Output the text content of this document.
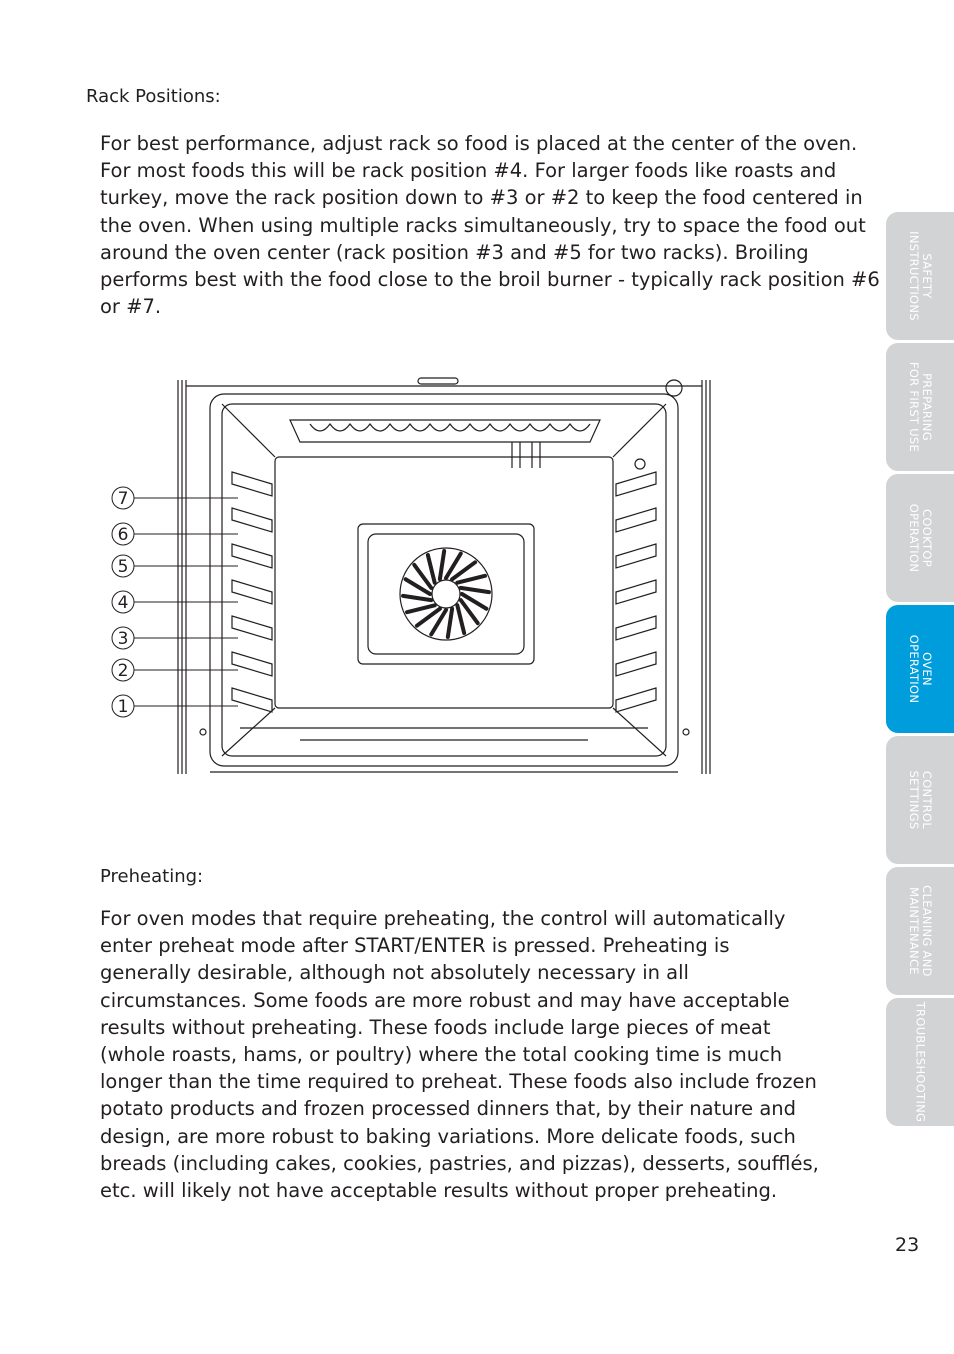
Rack Positions:

For best performance, adjust rack so food is placed at the center of the oven. For most foods this will be rack position #4. For larger foods like roasts and turkey, move the rack position down to #3 or #2 to keep the food centered in the oven. When using multiple racks simultaneously, try to space the food out around the oven center (rack position #3 and #5 for two racks). Broiling performs best with the food close to the broil burner - typically rack position #6 or #7.

7
6
5
4
3
2
1
SAFETY
INSTRUCTIONS
PREPARING
FOR FIRST USE
COOKTOP
OPERATION
OVEN
OPERATION
CONTROL
SETTINGS
CLEANING AND
MAINTENANCE
TROUBLESHOOTING
Preheating:

For oven modes that require preheating, the control will automatically enter preheat mode after START/ENTER is pressed. Preheating is generally desirable, although not absolutely necessary in all circumstances. Some foods are more robust and may have acceptable results without preheating. These foods include large pieces of meat (whole roasts, hams, or poultry) where the total cooking time is much longer than the time required to preheat. These foods also include frozen potato products and frozen processed dinners that, by their nature and design, are more robust to baking variations. More delicate foods, such breads (including cakes, cookies, pastries, and pizzas), desserts, soufflés, etc. will likely not have acceptable results without proper preheating.

23
